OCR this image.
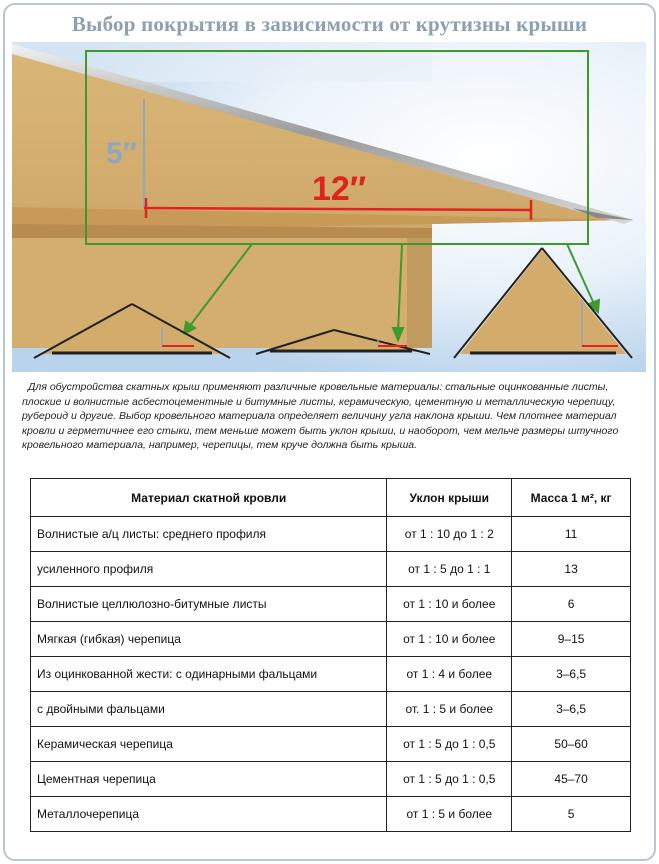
Выбор покрытия в зависимости от крутизны крыши
5″
12″

Для обустройства скатных крыш применяют различные кровельные материалы: стальные оцинкованные листы, плоские и волнистые асбестоцементные и битумные листы, керамическую, цементную и металлическую черепицу, рубероид и другие. Выбор кровельного материала определяет величину угла наклона крыши. Чем плотнее материал кровли и герметичнее его стыки, тем меньше может быть уклон крыши, и наоборот, чем мельче размеры штучного кровельного материала, например, черепицы, тем круче должна быть крыша.

Материал скатной кровли	Уклон крыши	Масса 1 м², кг
Волнистые а/ц листы: среднего профиля	от 1 : 10 до 1 : 2	11
усиленного профиля	от 1 : 5 до 1 : 1	13
Волнистые целлюлозно-битумные листы	от 1 : 10 и более	6
Мягкая (гибкая) черепица	от 1 : 10 и более	9–15
Из оцинкованной жести: с одинарными фальцами	от 1 : 4 и более	3–6,5
с двойными фальцами	от. 1 : 5 и более	3–6,5
Керамическая черепица	от 1 : 5 до 1 : 0,5	50–60
Цементная черепица	от 1 : 5 до 1 : 0,5	45–70
Металлочерепица	от 1 : 5 и более	5
